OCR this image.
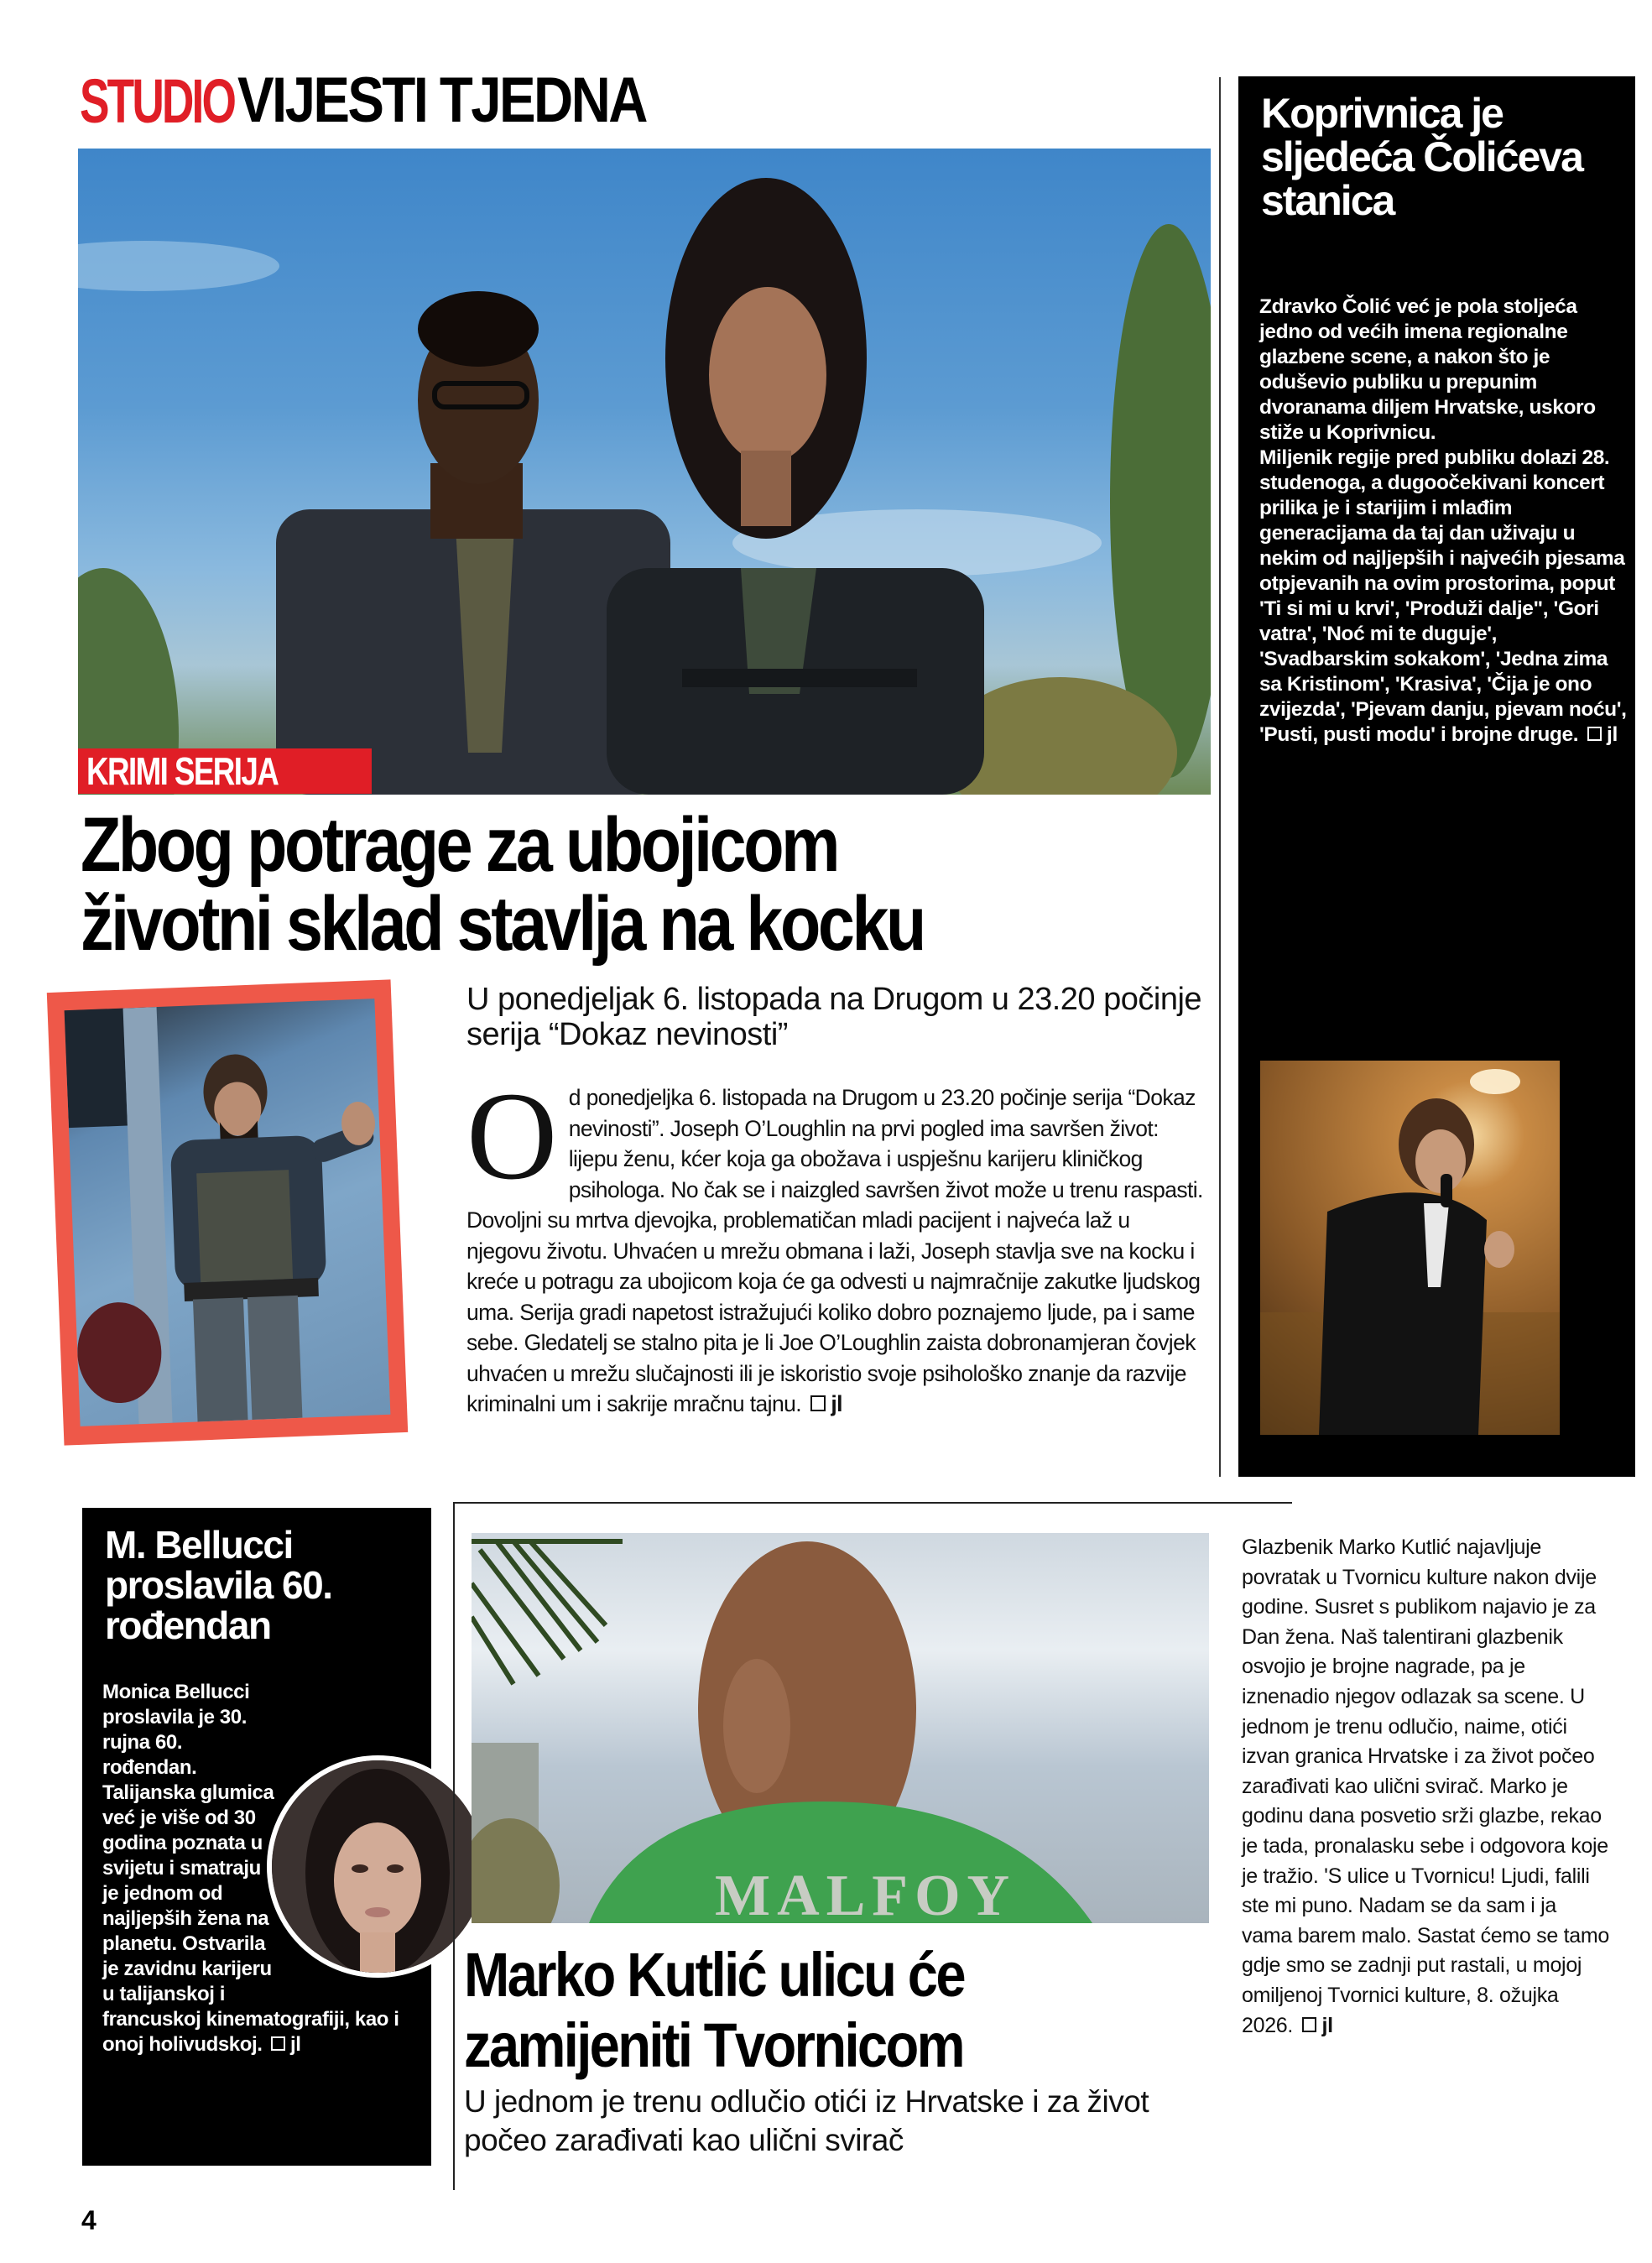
STUDIO VIJESTI TJEDNA
KRIMI SERIJA
Zbog potrage za ubojicom
životni sklad stavlja na kocku
U ponedjeljak 6. listopada na Drugom u 23.20 počinje serija “Dokaz nevinosti”
O d ponedjeljka 6. listopada na Drugom u 23.20 počinje serija “Dokaz nevinosti”. Joseph O’Loughlin na prvi pogled ima savršen život: lijepu ženu, kćer koja ga obožava i uspješnu karijeru kliničkog psihologa. No čak se i naizgled savršen život može u trenu raspasti.
Dovoljni su mrtva djevojka, problematičan mladi pacijent i najveća laž u njegovu životu. Uhvaćen u mrežu obmana i laži, Joseph stavlja sve na kocku i kreće u potragu za ubojicom koja će ga odvesti u najmračnije zakutke ljudskog uma. Serija gradi napetost istražujući koliko dobro poznajemo ljude, pa i same sebe. Gledatelj se stalno pita je li Joe O’Loughlin zaista dobronamjeran čovjek uhvaćen u mrežu slučajnosti ili je iskoristio svoje psihološko znanje da razvije kriminalni um i sakrije mračnu tajnu. jl
Koprivnica je sljedeća Čolićeva stanica
Zdravko Čolić već je pola stoljeća jedno od većih imena regionalne glazbene scene, a nakon što je oduševio publiku u prepunim dvoranama diljem Hrvatske, uskoro stiže u Koprivnicu.
Miljenik regije pred publiku dolazi 28. studenoga, a dugoočekivani koncert prilika je i starijim i mlađim generacijama da taj dan uživaju u nekim od najljepših i najvećih pjesama otpjevanih na ovim prostorima, poput 'Ti si mi u krvi', 'Produži dalje", 'Gori vatra', 'Noć mi te duguje', 'Svadbarskim sokakom', 'Jedna zima sa Kristinom', 'Krasiva', 'Čija je ono zvijezda', 'Pjevam danju, pjevam noću', 'Pusti, pusti modu' i brojne druge. jl
M. Bellucci proslavila 60. rođendan
Monica Bellucci proslavila je 30. rujna 60. rođendan. Talijanska glumica već je više od 30 godina poznata u svijetu i smatraju je jednom od najljepših žena na planetu. Ostvarila je zavidnu karijeru u talijanskoj i francuskoj kinematografiji, kao i onoj holivudskoj. jl
MALFOY
Marko Kutlić ulicu će
zamijeniti Tvornicom
U jednom je trenu odlučio otići iz Hrvatske i za život počeo zarađivati kao ulični svirač
Glazbenik Marko Kutlić najavljuje povratak u Tvornicu kulture nakon dvije godine. Susret s publikom najavio je za Dan žena. Naš talentirani glazbenik osvojio je brojne nagrade, pa je iznenadio njegov odlazak sa scene. U jednom je trenu odlučio, naime, otići izvan granica Hrvatske i za život počeo zarađivati kao ulični svirač. Marko je godinu dana posvetio srži glazbe, rekao je tada, pronalasku sebe i odgovora koje je tražio. 'S ulice u Tvornicu! Ljudi, falili ste mi puno. Nadam se da sam i ja vama barem malo. Sastat ćemo se tamo gdje smo se zadnji put rastali, u mojoj omiljenoj Tvornici kulture, 8. ožujka 2026. jl
4
